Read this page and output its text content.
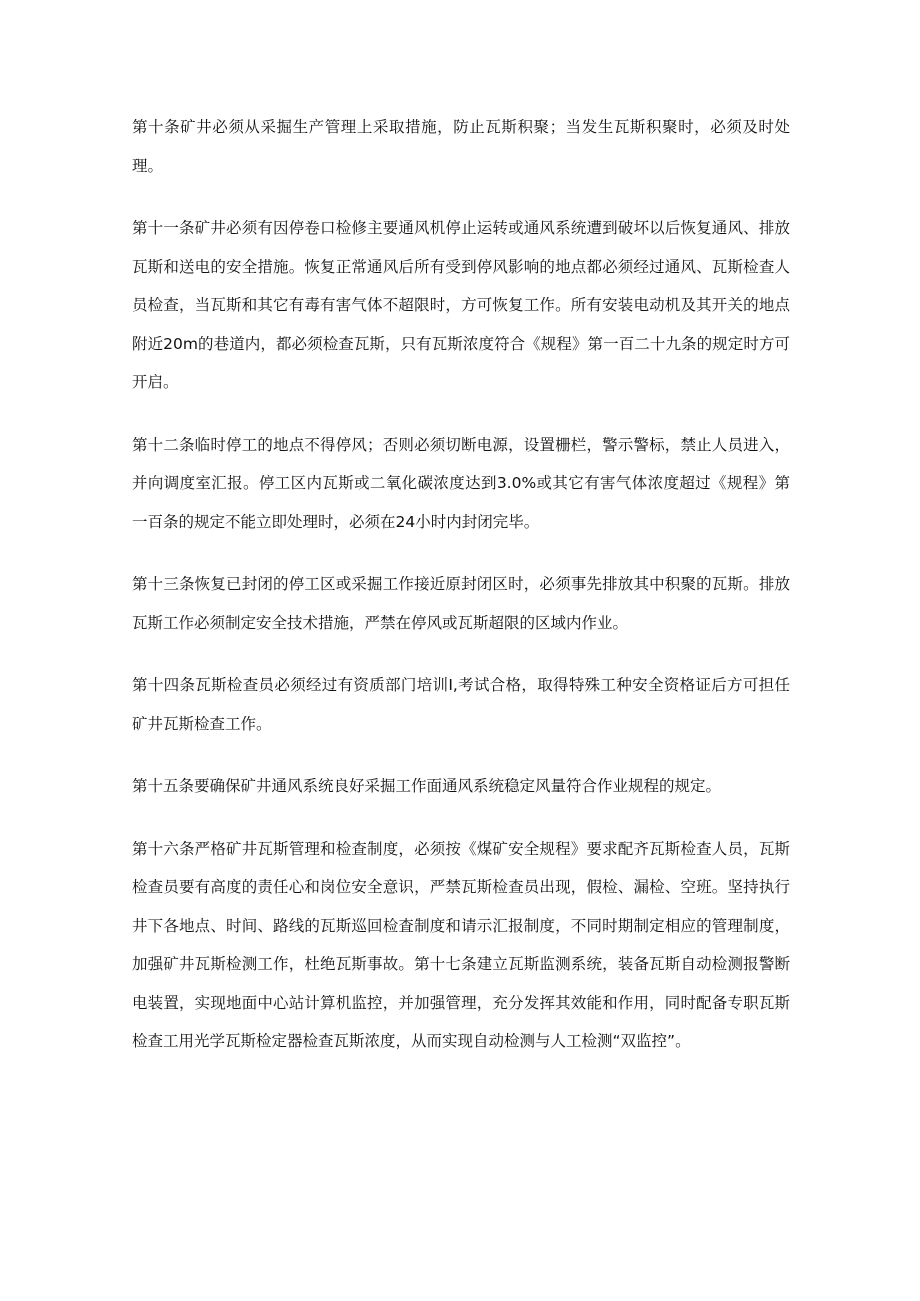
第十条矿井必须从采掘生产管理上采取措施，防止瓦斯积聚；当发生瓦斯积聚时，必须及时处理。

第十一条矿井必须有因停卷口检修主要通风机停止运转或通风系统遭到破坏以后恢复通风、排放瓦斯和送电的安全措施。恢复正常通风后所有受到停风影响的地点都必须经过通风、瓦斯检查人员检查，当瓦斯和其它有毒有害气体不超限时，方可恢复工作。所有安装电动机及其开关的地点附近20m的巷道内，都必须检查瓦斯，只有瓦斯浓度符合《规程》第一百二十九条的规定时方可开启。

第十二条临时停工的地点不得停风；否则必须切断电源，设置栅栏，警示警标，禁止人员进入，并向调度室汇报。停工区内瓦斯或二氧化碳浓度达到3.0%或其它有害气体浓度超过《规程》第一百条的规定不能立即处理时，必须在24小时内封闭完毕。

第十三条恢复已封闭的停工区或采掘工作接近原封闭区时，必须事先排放其中积聚的瓦斯。排放瓦斯工作必须制定安全技术措施，严禁在停风或瓦斯超限的区域内作业。

第十四条瓦斯检查员必须经过有资质部门培训I,考试合格，取得特殊工种安全资格证后方可担任矿井瓦斯检查工作。

第十五条要确保矿井通风系统良好采掘工作面通风系统稳定风量符合作业规程的规定。

第十六条严格矿井瓦斯管理和检查制度，必须按《煤矿安全规程》要求配齐瓦斯检查人员，瓦斯检查员要有高度的责任心和岗位安全意识，严禁瓦斯检查员出现，假检、漏检、空班。坚持执行井下各地点、时间、路线的瓦斯巡回检査制度和请示汇报制度，不同时期制定相应的管理制度，加强矿井瓦斯检测工作，杜绝瓦斯事故。第十七条建立瓦斯监测系统，装备瓦斯自动检测报警断电装置，实现地面中心站计算机监控，并加强管理，充分发挥其效能和作用，同时配备专职瓦斯检查工用光学瓦斯检定器检查瓦斯浓度，从而实现自动检测与人工检测“双监控”。
